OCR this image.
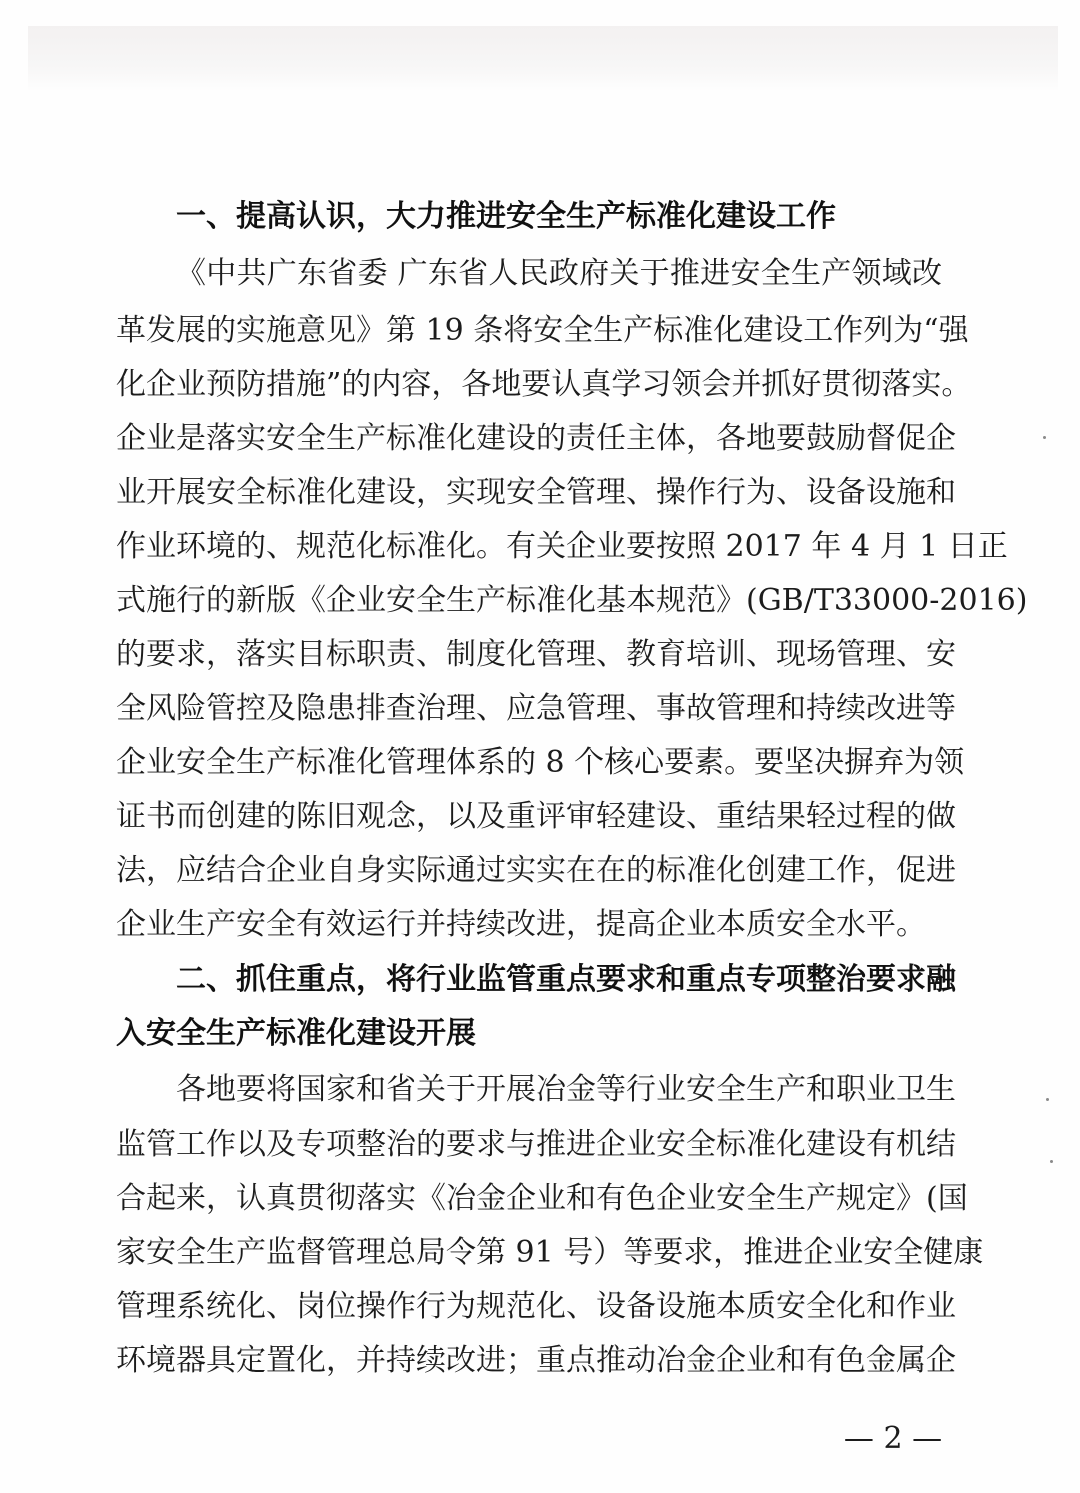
一、提高认识，大力推进安全生产标准化建设工作
《中共广东省委 广东省人民政府关于推进安全生产领域改
革发展的实施意见》第 19 条将安全生产标准化建设工作列为“强
化企业预防措施”的内容，各地要认真学习领会并抓好贯彻落实。
企业是落实安全生产标准化建设的责任主体，各地要鼓励督促企
业开展安全标准化建设，实现安全管理、操作行为、设备设施和
作业环境的、规范化标准化。有关企业要按照 2017 年 4 月 1 日正
式施行的新版《企业安全生产标准化基本规范》(GB/T33000-2016)
的要求，落实目标职责、制度化管理、教育培训、现场管理、安
全风险管控及隐患排查治理、应急管理、事故管理和持续改进等
企业安全生产标准化管理体系的 8 个核心要素。要坚决摒弃为领
证书而创建的陈旧观念，以及重评审轻建设、重结果轻过程的做
法，应结合企业自身实际通过实实在在的标准化创建工作，促进
企业生产安全有效运行并持续改进，提高企业本质安全水平。
二、抓住重点，将行业监管重点要求和重点专项整治要求融
入安全生产标准化建设开展
各地要将国家和省关于开展冶金等行业安全生产和职业卫生
监管工作以及专项整治的要求与推进企业安全标准化建设有机结
合起来，认真贯彻落实《冶金企业和有色企业安全生产规定》(国
家安全生产监督管理总局令第 91 号）等要求，推进企业安全健康
管理系统化、岗位操作行为规范化、设备设施本质安全化和作业
环境器具定置化，并持续改进；重点推动冶金企业和有色金属企
— 2 —
